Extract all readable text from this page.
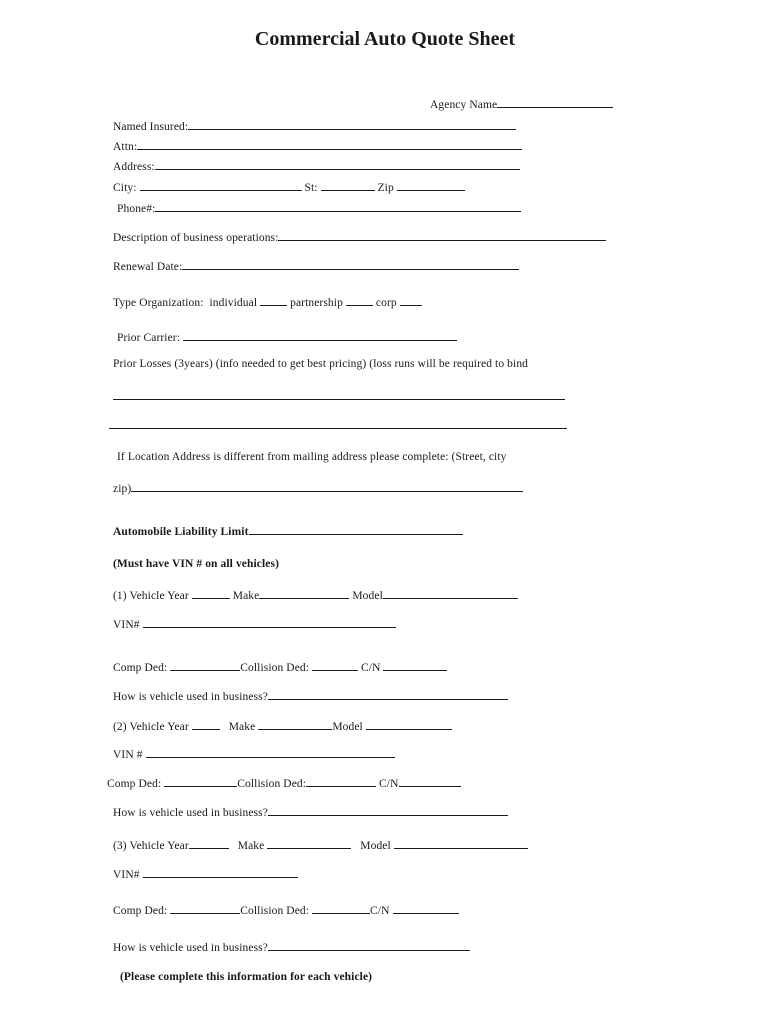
Commercial Auto Quote Sheet
Agency Name
Named Insured:
Attn:
Address:
City:	St:	Zip
Phone#:
Description of business operations:
Renewal Date:
Type Organization: individual	partnership	corp
Prior Carrier:
Prior Losses (3years) (info needed to get best pricing) (loss runs will be required to bind
If Location Address is different from mailing address please complete: (Street, city
zip)
Automobile Liability Limit
(Must have VIN # on all vehicles)
(1) Vehicle Year	Make	Model
VIN#
Comp Ded:	Collision Ded:	C/N
How is vehicle used in business?
(2) Vehicle Year	Make	Model
VIN #
Comp Ded:	Collision Ded:	C/N
How is vehicle used in business?
(3) Vehicle Year	Make	Model
VIN#
Comp Ded:	Collision Ded:	C/N
How is vehicle used in business?
(Please complete this information for each vehicle)
